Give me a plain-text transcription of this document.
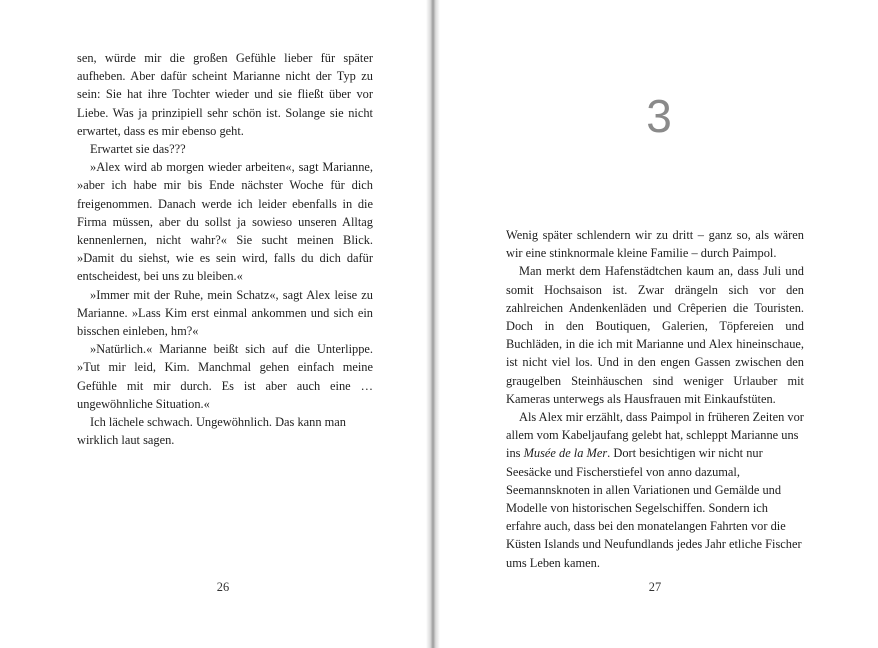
sen, würde mir die großen Gefühle lieber für später aufheben. Aber dafür scheint Marianne nicht der Typ zu sein: Sie hat ihre Tochter wieder und sie fließt über vor Liebe. Was ja prinzipiell sehr schön ist. Solange sie nicht erwartet, dass es mir ebenso geht.

Erwartet sie das???

»Alex wird ab morgen wieder arbeiten«, sagt Marianne, »aber ich habe mir bis Ende nächster Woche für dich freigenommen. Danach werde ich leider ebenfalls in die Firma müssen, aber du sollst ja sowieso unseren Alltag kennenlernen, nicht wahr?« Sie sucht meinen Blick. »Damit du siehst, wie es sein wird, falls du dich dafür entscheidest, bei uns zu bleiben.«

»Immer mit der Ruhe, mein Schatz«, sagt Alex leise zu Marianne. »Lass Kim erst einmal ankommen und sich ein bisschen einleben, hm?«

»Natürlich.« Marianne beißt sich auf die Unterlippe. »Tut mir leid, Kim. Manchmal gehen einfach meine Gefühle mit mir durch. Es ist aber auch eine … ungewöhnliche Situation.«

Ich lächele schwach. Ungewöhnlich. Das kann man wirklich laut sagen.

26
3

Wenig später schlendern wir zu dritt – ganz so, als wären wir eine stinknormale kleine Familie – durch Paimpol.

Man merkt dem Hafenstädtchen kaum an, dass Juli und somit Hochsaison ist. Zwar drängeln sich vor den zahlreichen Andenkenläden und Crêperien die Touristen. Doch in den Boutiquen, Galerien, Töpfereien und Buchläden, in die ich mit Marianne und Alex hineinschaue, ist nicht viel los. Und in den engen Gassen zwischen den graugelben Steinhäuschen sind weniger Urlauber mit Kameras unterwegs als Hausfrauen mit Einkaufstüten.

Als Alex mir erzählt, dass Paimpol in früheren Zeiten vor allem vom Kabeljaufang gelebt hat, schleppt Marianne uns ins Musée de la Mer. Dort besichtigen wir nicht nur Seesäcke und Fischerstiefel von anno dazumal, Seemannsknoten in allen Variationen und Gemälde und Modelle von historischen Segelschiffen. Sondern ich erfahre auch, dass bei den monatelangen Fahrten vor die Küsten Islands und Neufundlands jedes Jahr etliche Fischer ums Leben kamen.

27
